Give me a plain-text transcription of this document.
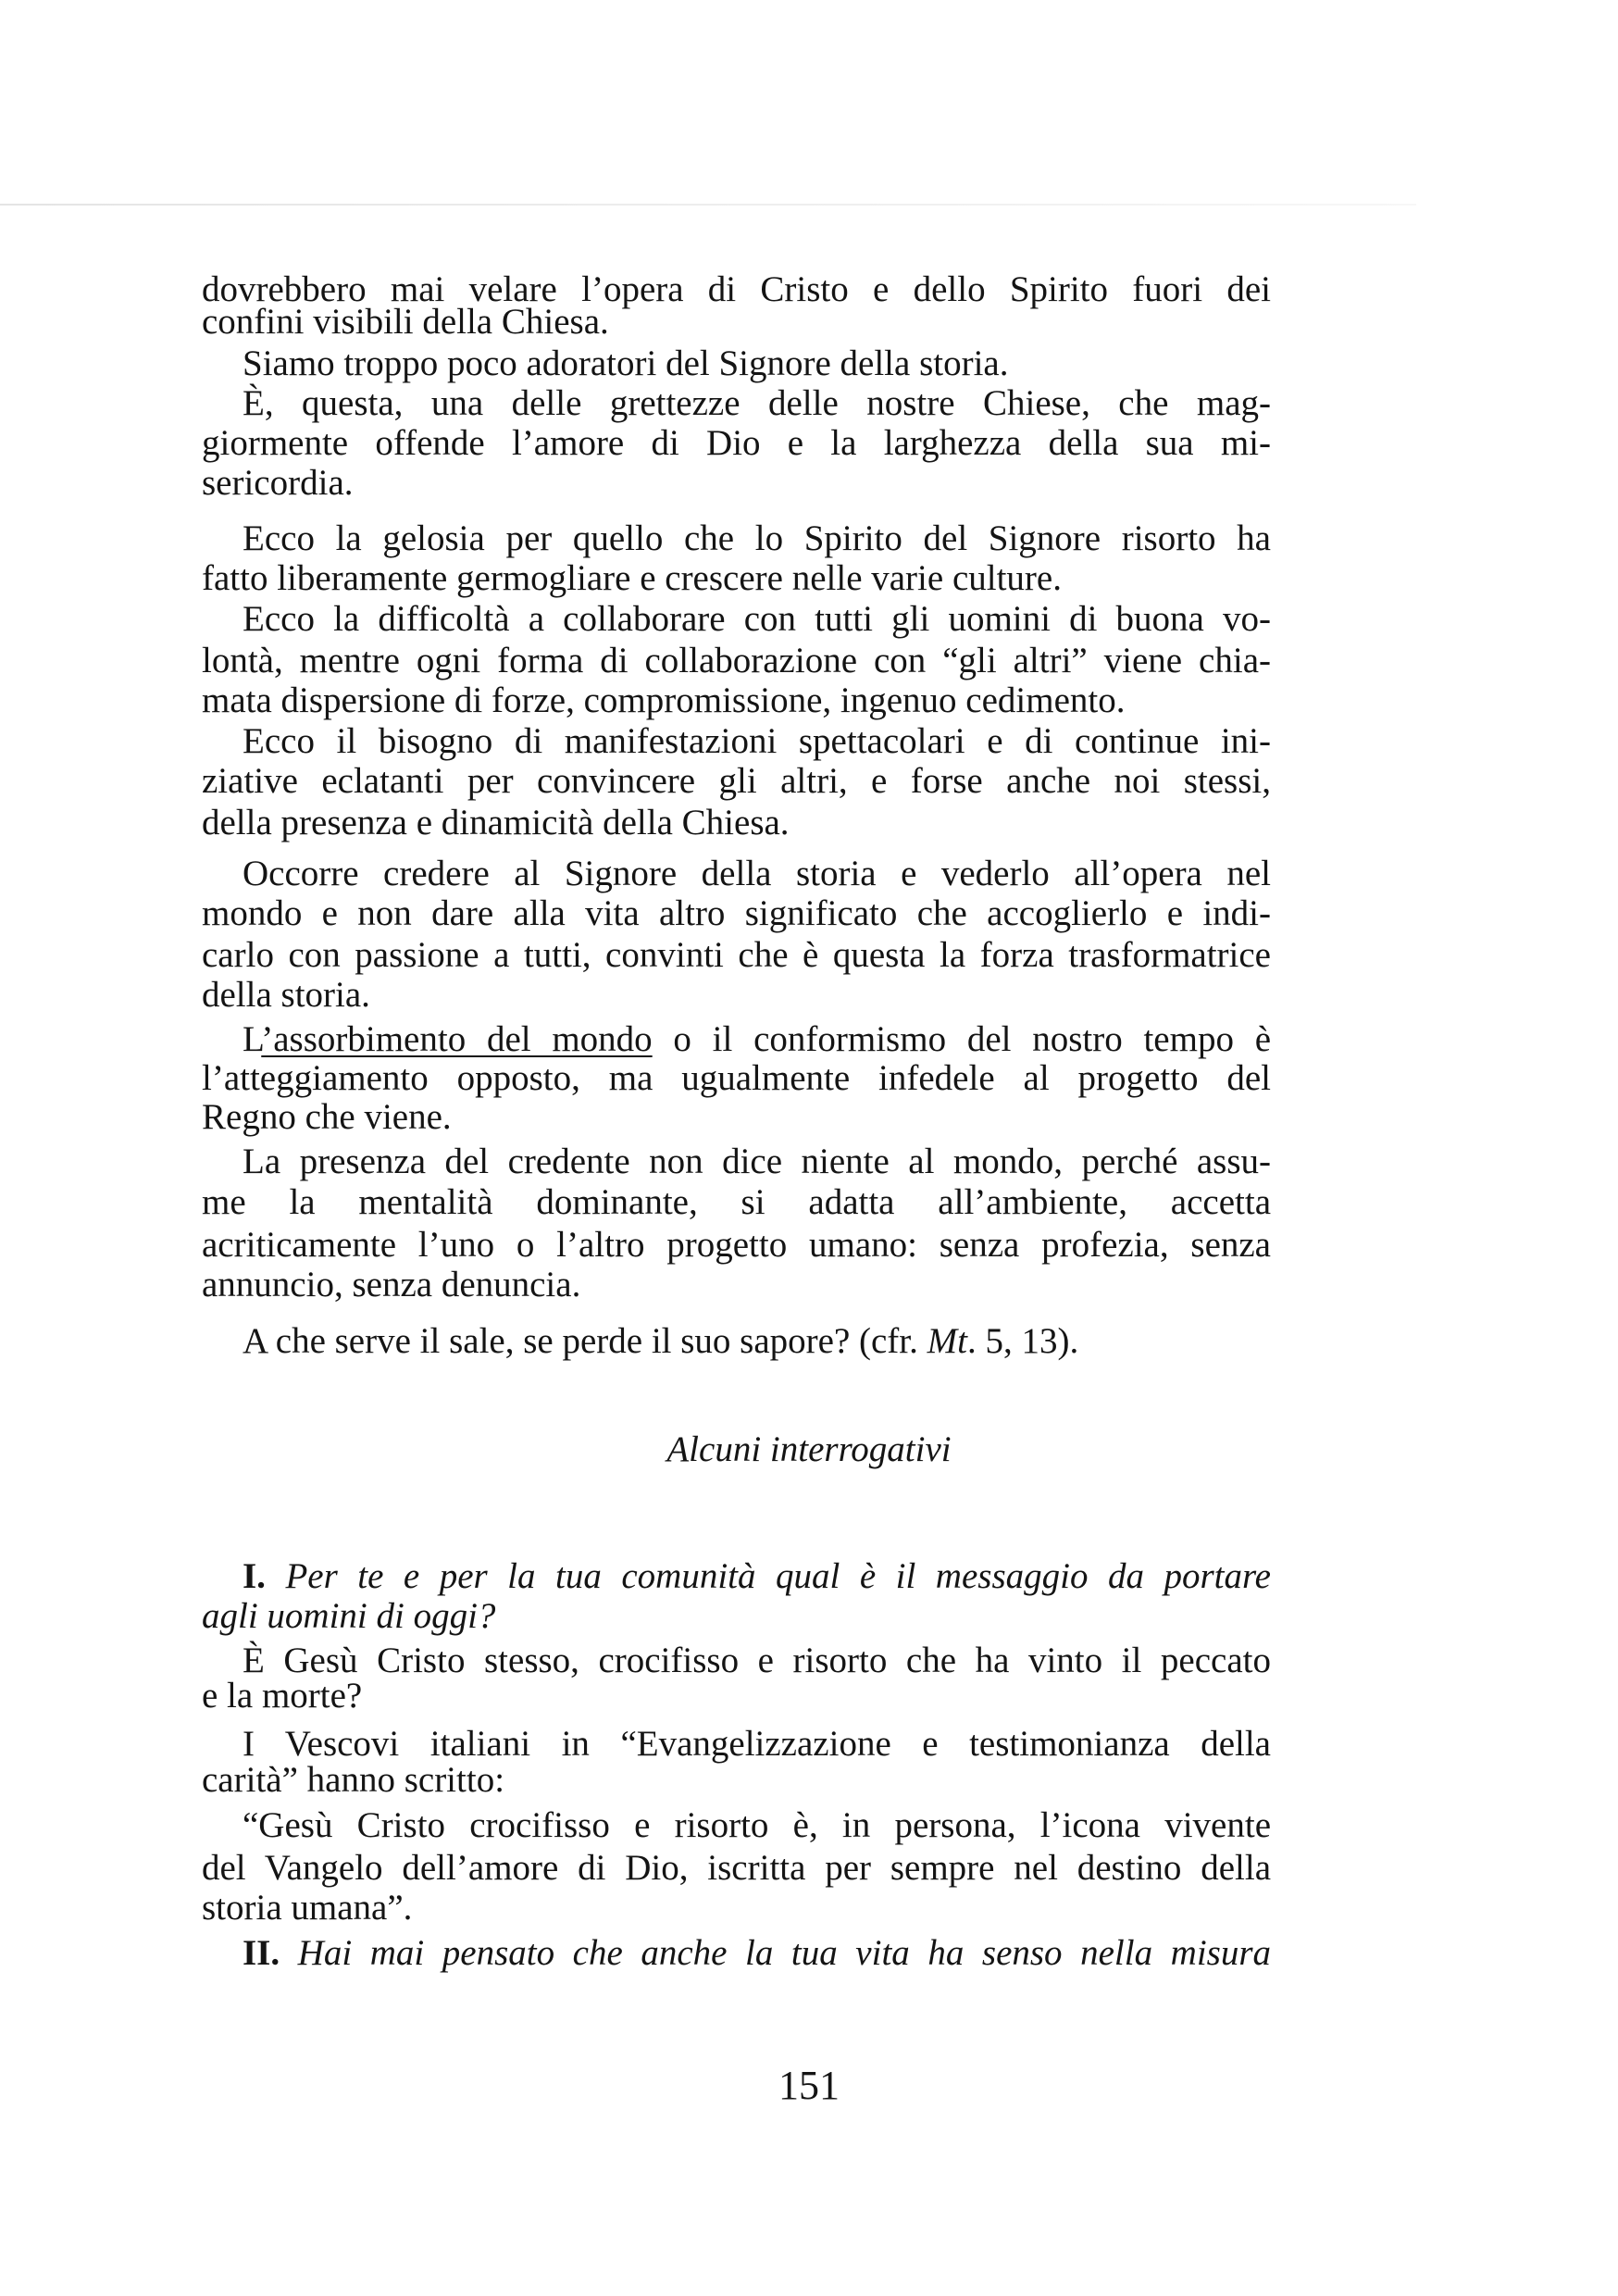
dovrebbero mai velare l’opera di Cristo e dello Spirito fuori dei
confini visibili della Chiesa.
Siamo troppo poco adoratori del Signore della storia.
È, questa, una delle grettezze delle nostre Chiese, che mag-
giormente offende l’amore di Dio e la larghezza della sua mi-
sericordia.
Ecco la gelosia per quello che lo Spirito del Signore risorto ha
fatto liberamente germogliare e crescere nelle varie culture.
Ecco la difficoltà a collaborare con tutti gli uomini di buona vo-
lontà, mentre ogni forma di collaborazione con “gli altri” viene chia-
mata dispersione di forze, compromissione, ingenuo cedimento.
Ecco il bisogno di manifestazioni spettacolari e di continue ini-
ziative eclatanti per convincere gli altri, e forse anche noi stessi,
della presenza e dinamicità della Chiesa.
Occorre credere al Signore della storia e vederlo all’opera nel
mondo e non dare alla vita altro significato che accoglierlo e indi-
carlo con passione a tutti, convinti che è questa la forza trasformatrice
della storia.
L’assorbimento del mondo o il conformismo del nostro tempo è
l’atteggiamento opposto, ma ugualmente infedele al progetto del
Regno che viene.
La presenza del credente non dice niente al mondo, perché assu-
me la mentalità dominante, si adatta all’ambiente, accetta
acriticamente l’uno o l’altro progetto umano: senza profezia, senza
annuncio, senza denuncia.
A che serve il sale, se perde il suo sapore? (cfr. Mt. 5, 13).
Alcuni interrogativi
I. Per te e per la tua comunità qual è il messaggio da portare
agli uomini di oggi?
È Gesù Cristo stesso, crocifisso e risorto che ha vinto il peccato
e la morte?
I Vescovi italiani in “Evangelizzazione e testimonianza della
carità” hanno scritto:
“Gesù Cristo crocifisso e risorto è, in persona, l’icona vivente
del Vangelo dell’amore di Dio, iscritta per sempre nel destino della
storia umana”.
II. Hai mai pensato che anche la tua vita ha senso nella misura
151
